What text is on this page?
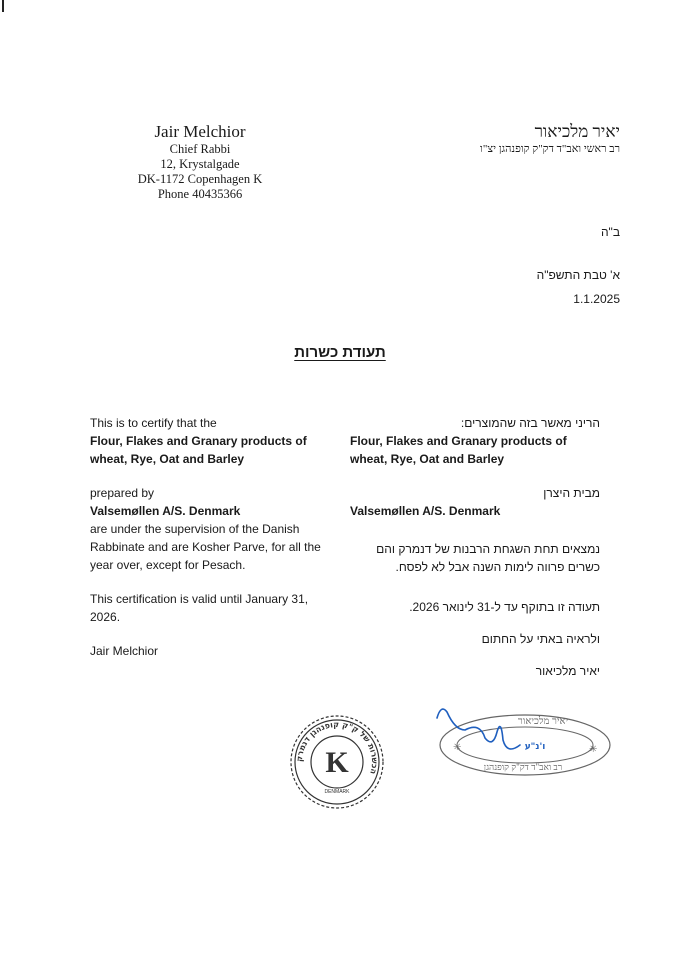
Jair Melchior
Chief Rabbi
12, Krystalgade
DK-1172 Copenhagen K
Phone 40435366
יאיר מלכיאור
רב ראשי ואב"ד דק"ק קופנהגן יצ"ו
ב"ה
א' טבת התשפ"ה
1.1.2025
תעודת כשרות

This is to certify that the

Flour, Flakes and Granary products of

wheat, Rye, Oat and Barley

prepared by

Valsemøllen A/S. Denmark

are under the supervision of the Danish

Rabbinate and are Kosher Parve, for all the

year over, except for Pesach.

This certification is valid until January 31,

2026.

Jair Melchior

הריני מאשר בזה שהמוצרים:

Flour, Flakes and Granary products of

wheat, Rye, Oat and Barley

מבית היצרן

Valsemøllen A/S. Denmark

נמצאים תחת השגחת הרבנות של דנמרק והם

כשרים פרווה לימות השנה אבל לא לפסח.

תעודה זו בתוקף עד ל-31 לינואר 2026.

ולראיה באתי על החתום

יאיר מלכיאור

K
DENMARK
הכשרות של ק"ק קופנהגן דנמרק
✳	✳
יאיר מלכיאור
רב ואב"ד דק"ק קופנהגן
ו'נ"ע
